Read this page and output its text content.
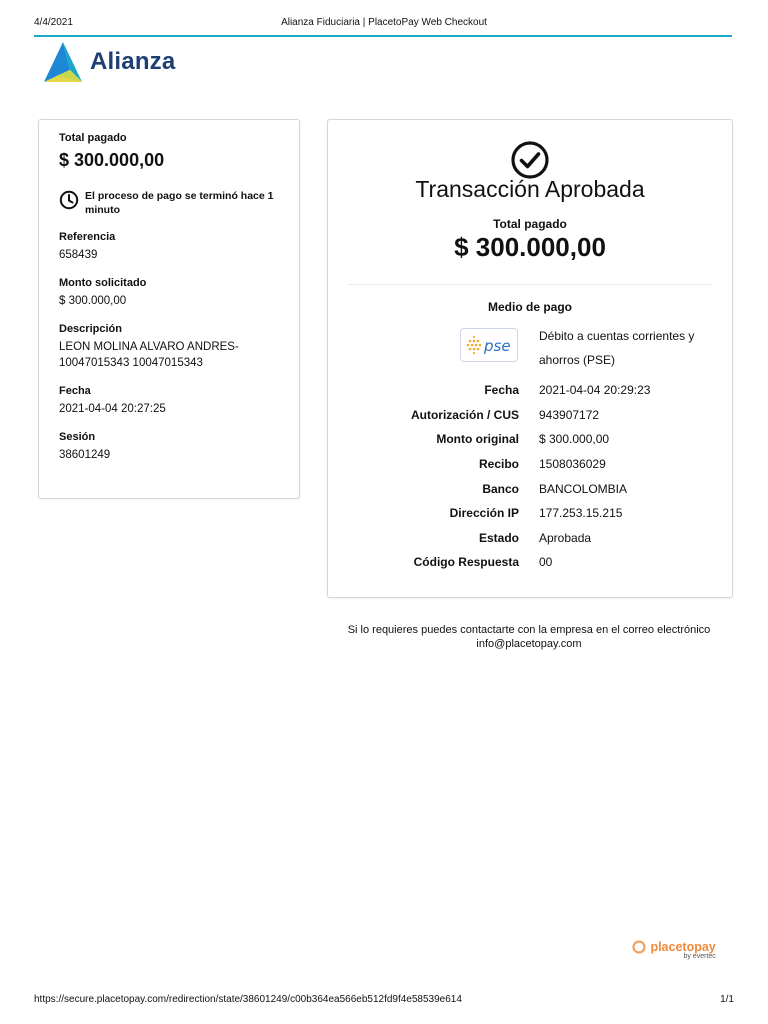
4/4/2021	Alianza Fiduciaria | PlacetoPay Web Checkout
Alianza
Total pagado
$ 300.000,00
El proceso de pago se terminó hace 1 minuto
Referencia
658439
Monto solicitado
$ 300.000,00
Descripción
LEON MOLINA ALVARO ANDRES-10047015343 10047015343
Fecha
2021-04-04 20:27:25
Sesión
38601249
Transacción Aprobada
Total pagado
$ 300.000,00
Medio de pago
pse
Débito a cuentas corrientes y ahorros (PSE)
Fecha	2021-04-04 20:29:23
Autorización / CUS	943907172
Monto original	$ 300.000,00
Recibo	1508036029
Banco	BANCOLOMBIA
Dirección IP	177.253.15.215
Estado	Aprobada
Código Respuesta	00
Si lo requieres puedes contactarte con la empresa en el correo electrónico
info@placetopay.com
placetopay
by evertec
https://secure.placetopay.com/redirection/state/38601249/c00b364ea566eb512fd9f4e58539e614	1/1
